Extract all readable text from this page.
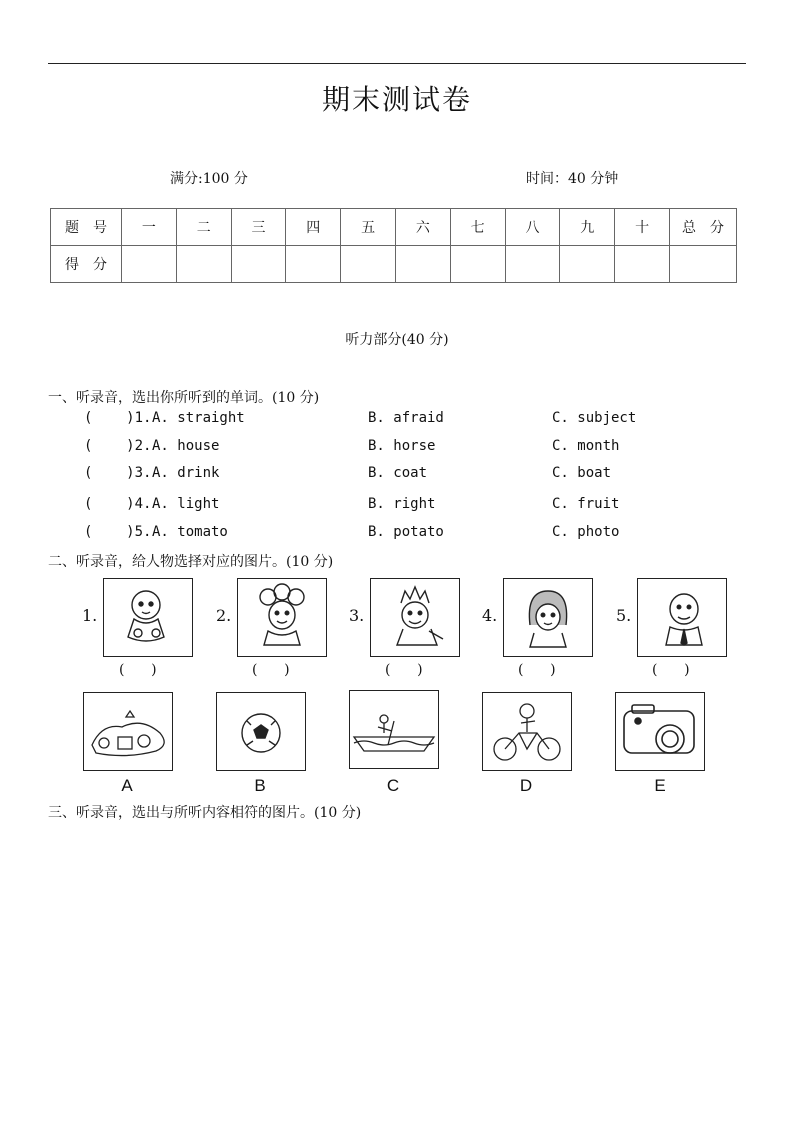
期末测试卷
满分:100 分	时间：40 分钟
题　号	一	二	三	四	五	六	七	八	九	十	总　分
得　分											
听力部分(40 分)
一、听录音，选出你所听到的单词。(10 分)
(    )1. A. straight	B. afraid	C. subject
(    )2. A. house	B. horse	C. month
(    )3. A. drink	B. coat	C. boat
(    )4. A. light	B. right	C. fruit
(    )5. A. tomato	B. potato	C. photo
二、听录音，给人物选择对应的图片。(10 分)
1.
(      )
2.
(      )
3.
(      )
4.
(      )
5.
(      )
A	B	C	D	E
三、听录音，选出与所听内容相符的图片。(10 分)
